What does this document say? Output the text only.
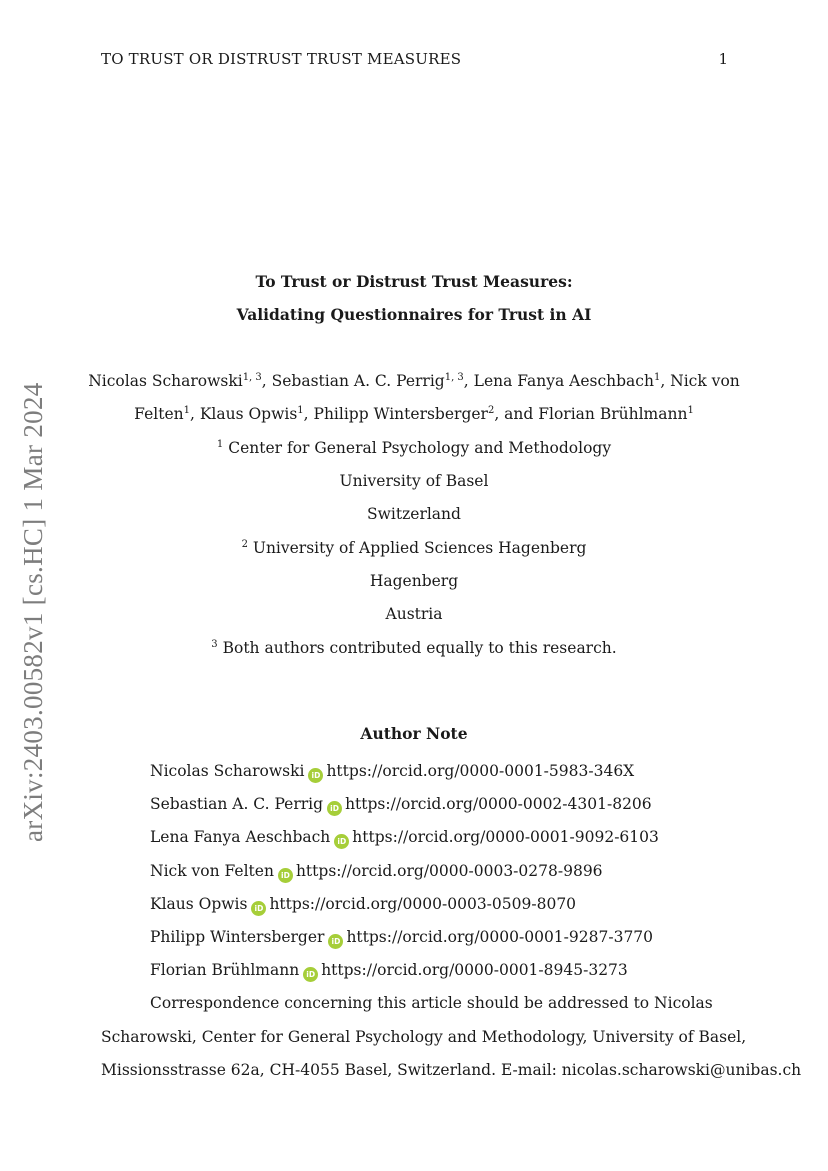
TO TRUST OR DISTRUST TRUST MEASURES	1
arXiv:2403.00582v1 [cs.HC] 1 Mar 2024
To Trust or Distrust Trust Measures:
Validating Questionnaires for Trust in AI
Nicolas Scharowski$^{1, 3}$, Sebastian A. C. Perrig$^{1, 3}$, Lena Fanya Aeschbach$^1$, Nick von
Felten$^1$, Klaus Opwis$^1$, Philipp Wintersberger$^2$, and Florian Brühlmann$^1$
$^1$ Center for General Psychology and Methodology
University of Basel
Switzerland
$^2$ University of Applied Sciences Hagenberg
Hagenberg
Austria
$^3$ Both authors contributed equally to this research.
Author Note
Nicolas Scharowski iD https://orcid.org/0000-0001-5983-346X
Sebastian A. C. Perrig iD https://orcid.org/0000-0002-4301-8206
Lena Fanya Aeschbach iD https://orcid.org/0000-0001-9092-6103
Nick von Felten iD https://orcid.org/0000-0003-0278-9896
Klaus Opwis iD https://orcid.org/0000-0003-0509-8070
Philipp Wintersberger iD https://orcid.org/0000-0001-9287-3770
Florian Brühlmann iD https://orcid.org/0000-0001-8945-3273
Correspondence concerning this article should be addressed to Nicolas
Scharowski, Center for General Psychology and Methodology, University of Basel,
Missionsstrasse 62a, CH-4055 Basel, Switzerland. E-mail: nicolas.scharowski@unibas.ch
